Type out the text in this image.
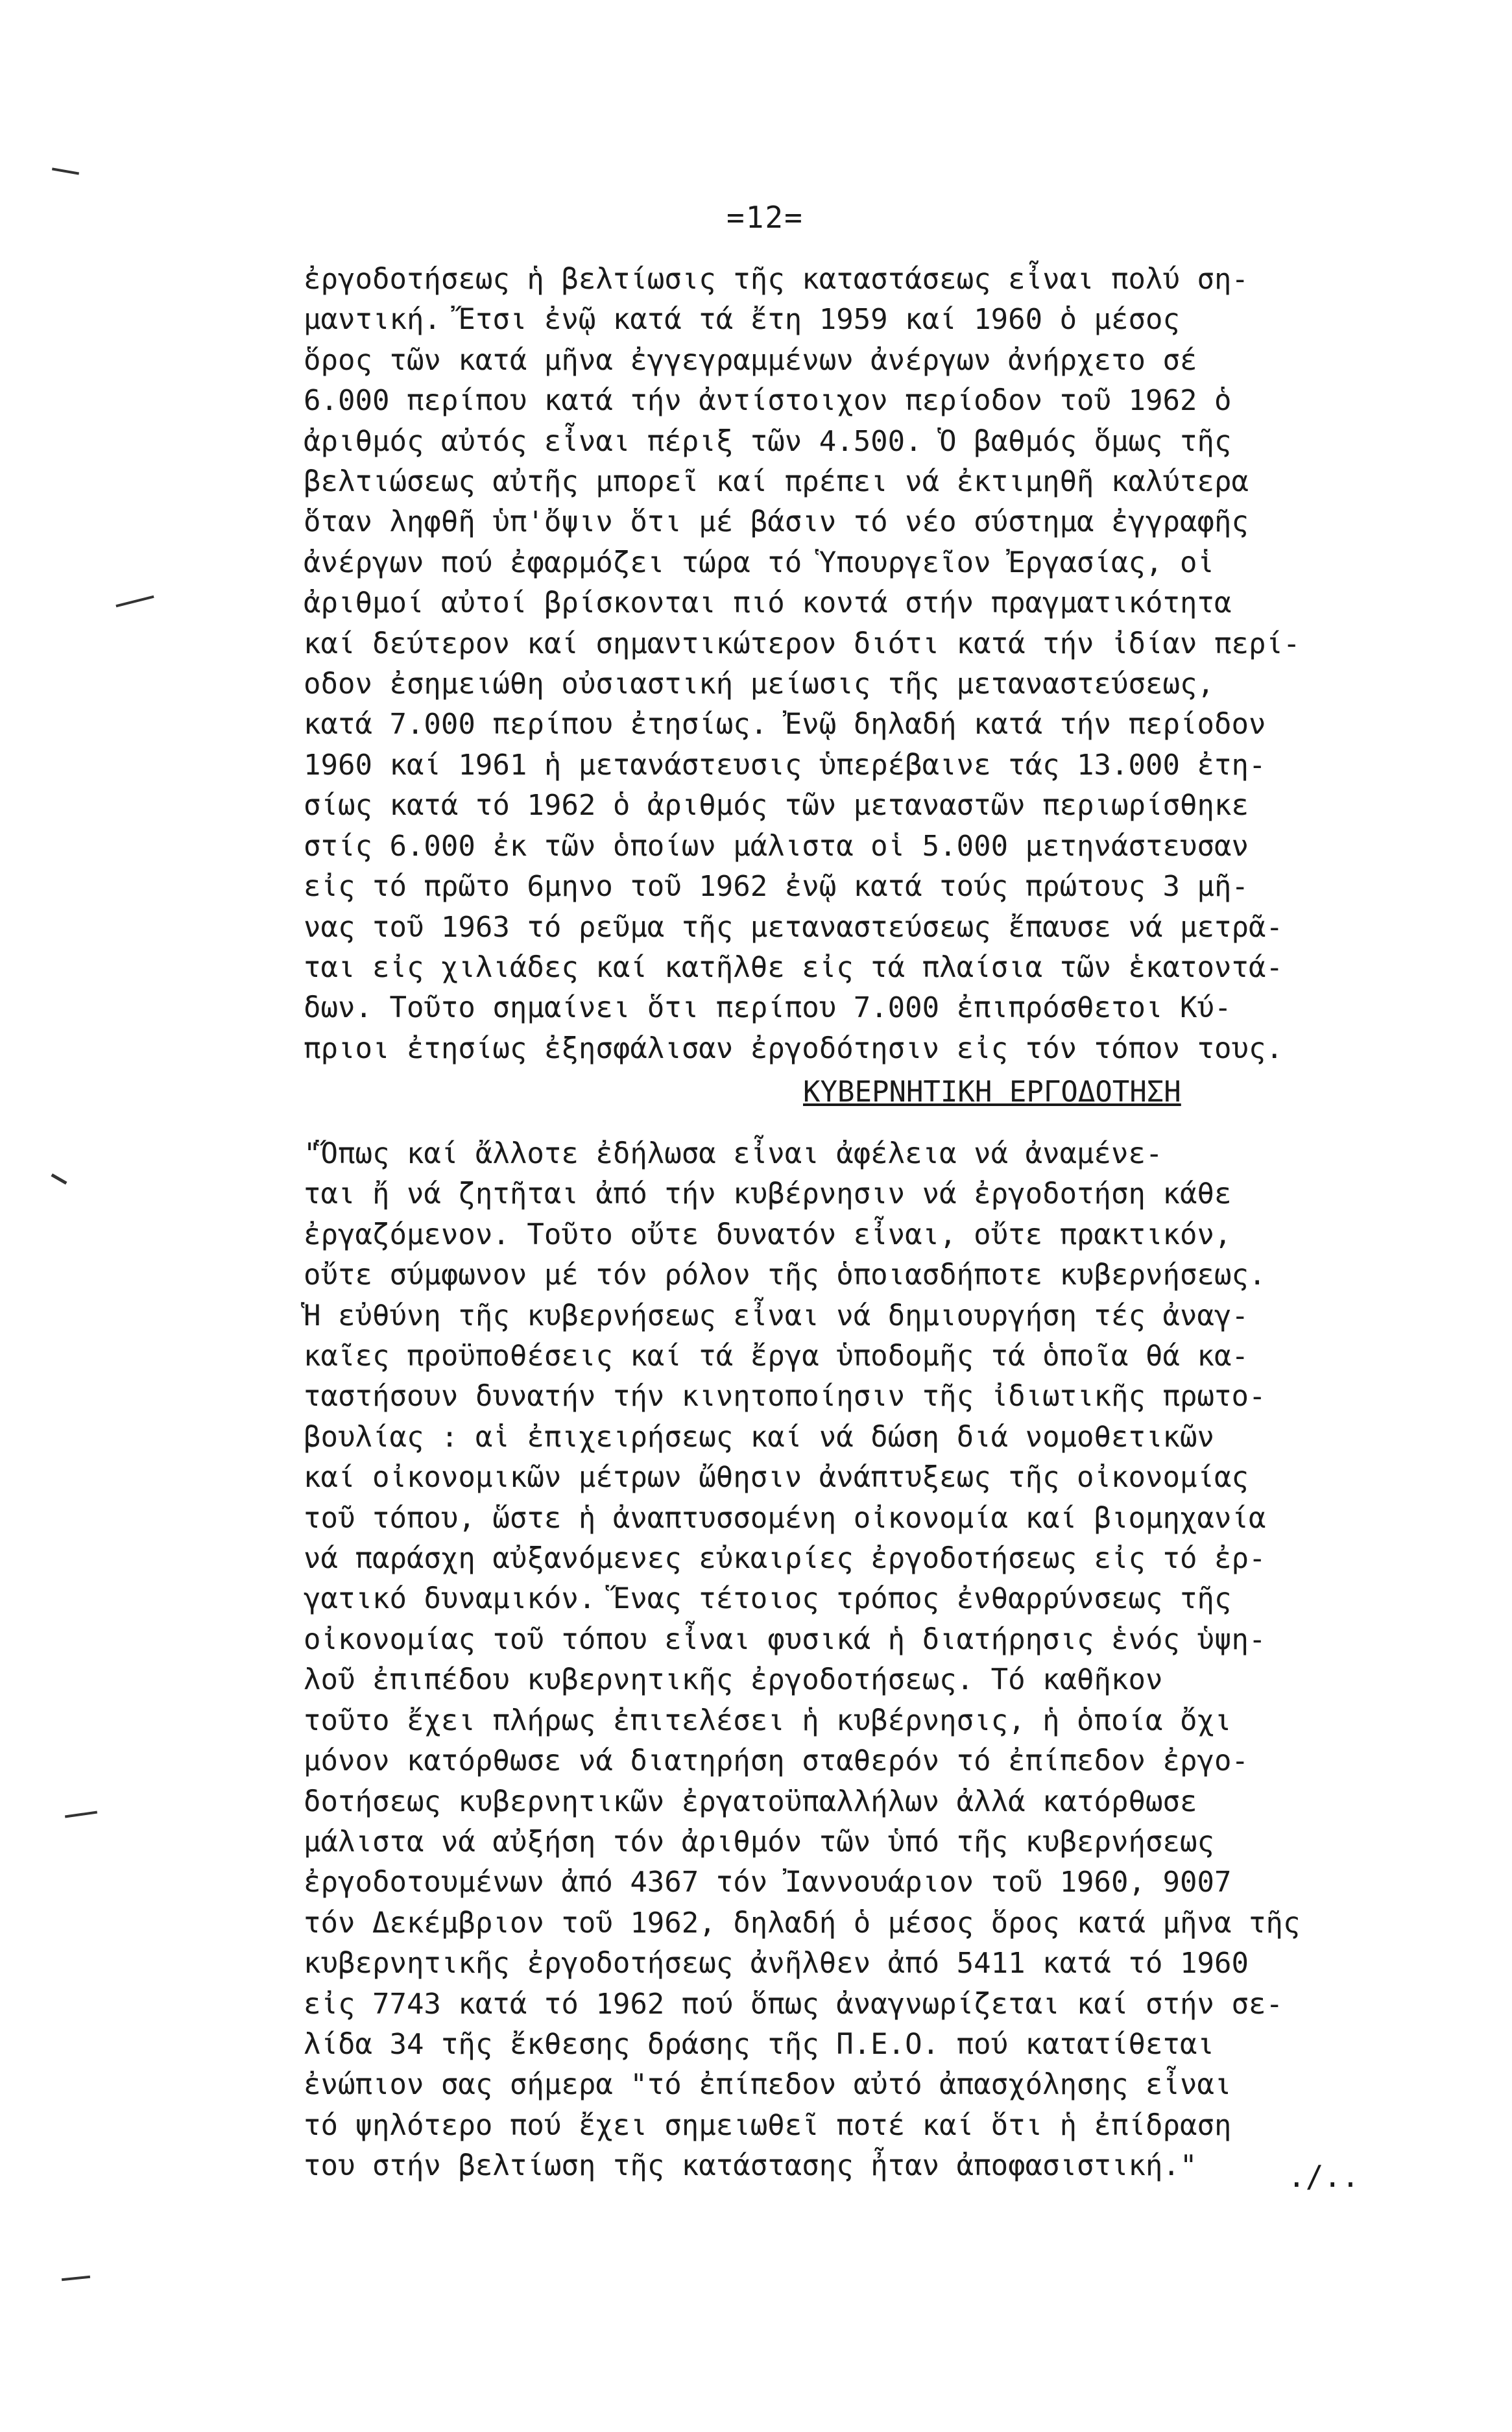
=12=
ἐργοδοτήσεως ἡ βελτίωσις τῆς καταστάσεως εἶναι πολύ ση-
μαντική. Ἔτσι ἐνῷ κατά τά ἔτη 1959 καί 1960 ὁ μέσος
ὅρος τῶν κατά μῆνα ἐγγεγραμμένων ἀνέργων ἀνήρχετο σέ
6.000 περίπου κατά τήν ἀντίστοιχον περίοδον τοῦ 1962 ὁ
ἀριθμός αὐτός εἶναι πέριξ τῶν 4.500. Ὁ βαθμός ὅμως τῆς
βελτιώσεως αὐτῆς μπορεῖ καί πρέπει νά ἐκτιμηθῆ καλύτερα
ὅταν ληφθῆ ὑπ'ὄψιν ὅτι μέ βάσιν τό νέο σύστημα ἐγγραφῆς
ἀνέργων πού ἐφαρμόζει τώρα τό Ὑπουργεῖον Ἐργασίας, οἱ
ἀριθμοί αὐτοί βρίσκονται πιό κοντά στήν πραγματικότητα
καί δεύτερον καί σημαντικώτερον διότι κατά τήν ἰδίαν περί-
οδον ἐσημειώθη οὐσιαστική μείωσις τῆς μεταναστεύσεως,
κατά 7.000 περίπου ἐτησίως. Ἐνῷ δηλαδή κατά τήν περίοδον
1960 καί 1961 ἡ μετανάστευσις ὑπερέβαινε τάς 13.000 ἐτη-
σίως κατά τό 1962 ὁ ἀριθμός τῶν μεταναστῶν περιωρίσθηκε
στίς 6.000 ἐκ τῶν ὁποίων μάλιστα οἱ 5.000 μετηνάστευσαν
εἰς τό πρῶτο 6μηνο τοῦ 1962 ἐνῷ κατά τούς πρώτους 3 μῆ-
νας τοῦ 1963 τό ρεῦμα τῆς μεταναστεύσεως ἔπαυσε νά μετρᾶ-
ται εἰς χιλιάδες καί κατῆλθε εἰς τά πλαίσια τῶν ἑκατοντά-
δων. Τοῦτο σημαίνει ὅτι περίπου 7.000 ἐπιπρόσθετοι Κύ-
πριοι ἐτησίως ἐξησφάλισαν ἐργοδότησιν εἰς τόν τόπον τους.
ΚΥΒΕΡΝΗΤΙΚΗ ΕΡΓΟΔΟΤΗΣΗ
"Ὅπως καί ἄλλοτε ἐδήλωσα εἶναι ἀφέλεια νά ἀναμένε-
ται ἤ νά ζητῆται ἀπό τήν κυβέρνησιν νά ἐργοδοτήση κάθε
ἐργαζόμενον. Τοῦτο οὔτε δυνατόν εἶναι, οὔτε πρακτικόν,
οὔτε σύμφωνον μέ τόν ρόλον τῆς ὁποιασδήποτε κυβερνήσεως.
Ἡ εὐθύνη τῆς κυβερνήσεως εἶναι νά δημιουργήση τές ἀναγ-
καῖες προϋποθέσεις καί τά ἔργα ὑποδομῆς τά ὁποῖα θά κα-
ταστήσουν δυνατήν τήν κινητοποίησιν τῆς ἰδιωτικῆς πρωτο-
βουλίας : αἱ ἐπιχειρήσεως καί νά δώση διά νομοθετικῶν
καί οἰκονομικῶν μέτρων ὤθησιν ἀνάπτυξεως τῆς οἰκονομίας
τοῦ τόπου, ὥστε ἡ ἀναπτυσσομένη οἰκονομία καί βιομηχανία
νά παράσχη αὐξανόμενες εὐκαιρίες ἐργοδοτήσεως εἰς τό ἐρ-
γατικό δυναμικόν. Ἕνας τέτοιος τρόπος ἐνθαρρύνσεως τῆς
οἰκονομίας τοῦ τόπου εἶναι φυσικά ἡ διατήρησις ἑνός ὑψη-
λοῦ ἐπιπέδου κυβερνητικῆς ἐργοδοτήσεως. Τό καθῆκον
τοῦτο ἔχει πλήρως ἐπιτελέσει ἡ κυβέρνησις, ἡ ὁποία ὄχι
μόνον κατόρθωσε νά διατηρήση σταθερόν τό ἐπίπεδον ἐργο-
δοτήσεως κυβερνητικῶν ἐργατοϋπαλλήλων ἀλλά κατόρθωσε
μάλιστα νά αὐξήση τόν ἀριθμόν τῶν ὑπό τῆς κυβερνήσεως
ἐργοδοτουμένων ἀπό 4367 τόν Ἰαννουάριον τοῦ 1960, 9007
τόν Δεκέμβριον τοῦ 1962, δηλαδή ὁ μέσος ὅρος κατά μῆνα τῆς
κυβερνητικῆς ἐργοδοτήσεως ἀνῆλθεν ἀπό 5411 κατά τό 1960
εἰς 7743 κατά τό 1962 πού ὅπως ἀναγνωρίζεται καί στήν σε-
λίδα 34 τῆς ἔκθεσης δράσης τῆς Π.Ε.Ο. πού κατατίθεται
ἐνώπιον σας σήμερα "τό ἐπίπεδον αὐτό ἀπασχόλησης εἶναι
τό ψηλότερο πού ἔχει σημειωθεῖ ποτέ καί ὅτι ἡ ἐπίδραση
του στήν βελτίωση τῆς κατάστασης ἦταν ἀποφασιστική."	./..
